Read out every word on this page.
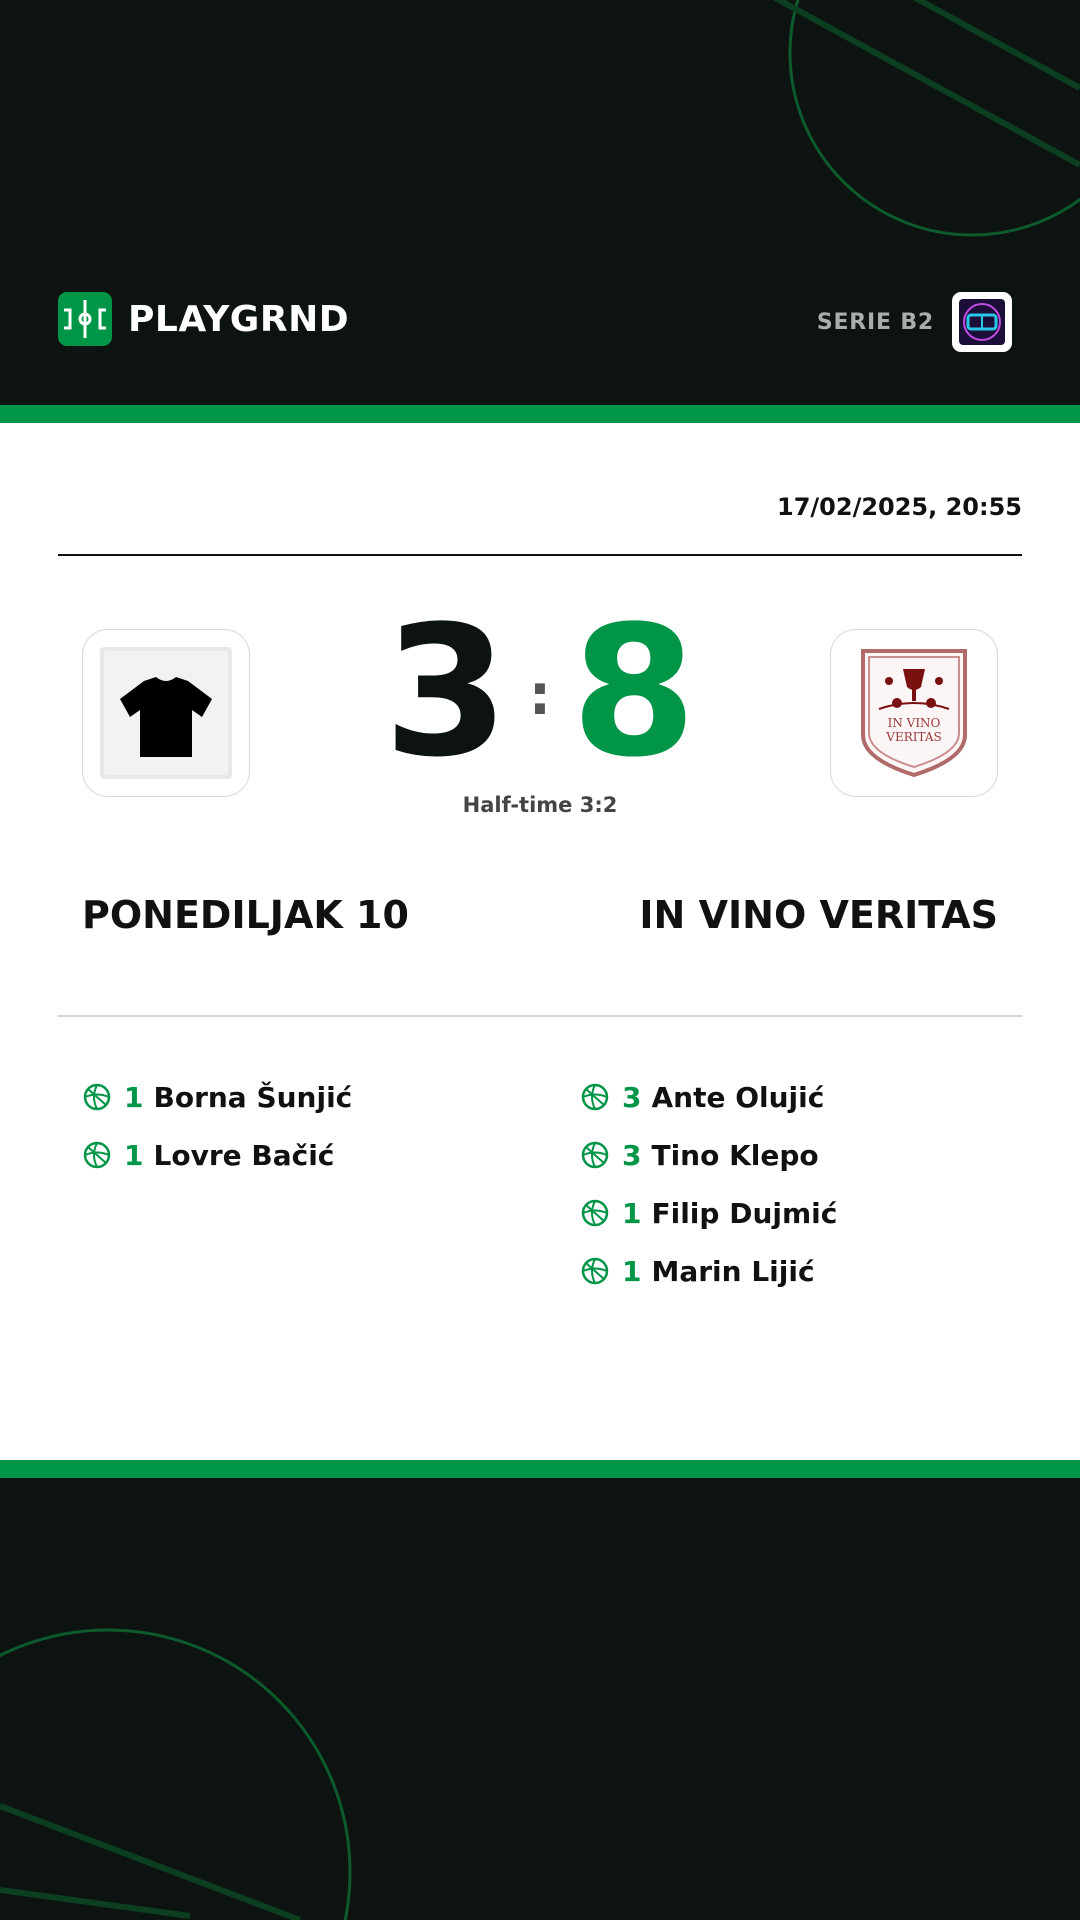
PLAYGRND	SERIE B2
17/02/2025, 20:55
3 : 8
Half-time 3:2
IN VINO
VERITAS
PONEDILJAK 10	IN VINO VERITAS
1 Borna Šunjić
1 Lovre Bačić
3 Ante Olujić
3 Tino Klepo
1 Filip Dujmić
1 Marin Lijić
